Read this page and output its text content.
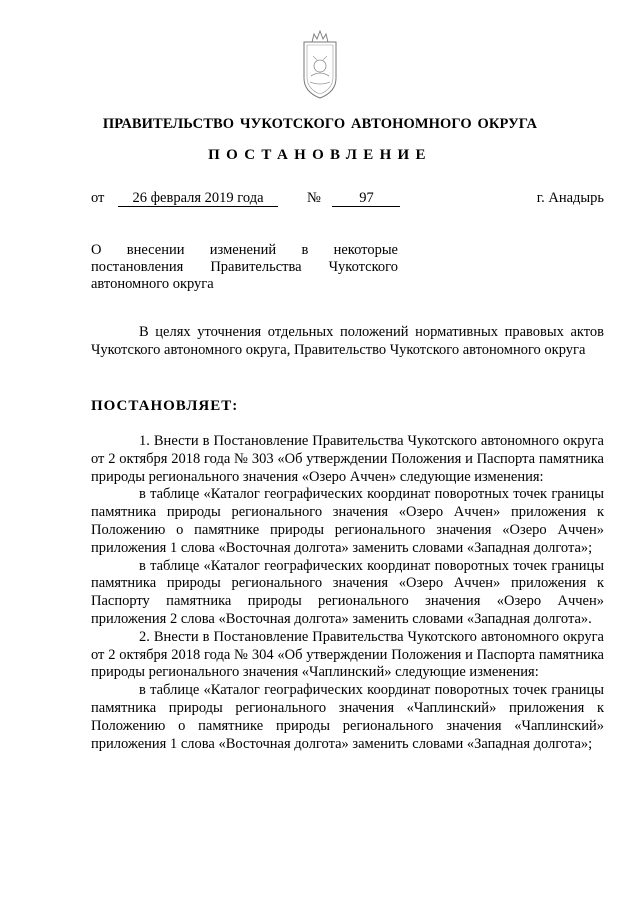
ПРАВИТЕЛЬСТВО ЧУКОТСКОГО АВТОНОМНОГО ОКРУГА
ПОСТАНОВЛЕНИЕ
от 26 февраля 2019 года	№	97	г. Анадырь
О внесении изменений в некоторые
постановления Правительства Чукотского
автономного округа

В целях уточнения отдельных положений нормативных правовых актов Чукотского автономного округа, Правительство Чукотского автономного округа

ПОСТАНОВЛЯЕТ:

1. Внести в Постановление Правительства Чукотского автономного округа от 2 октября 2018 года № 303 «Об утверждении Положения и Паспорта памятника природы регионального значения «Озеро Аччен» следующие изменения:

в таблице «Каталог географических координат поворотных точек границы памятника природы регионального значения «Озеро Аччен» приложения к Положению о памятнике природы регионального значения «Озеро Аччен» приложения 1 слова «Восточная долгота» заменить словами «Западная долгота»;

в таблице «Каталог географических координат поворотных точек границы памятника природы регионального значения «Озеро Аччен» приложения к Паспорту памятника природы регионального значения «Озеро Аччен» приложения 2 слова «Восточная долгота» заменить словами «Западная долгота».

2. Внести в Постановление Правительства Чукотского автономного округа от 2 октября 2018 года № 304 «Об утверждении Положения и Паспорта памятника природы регионального значения «Чаплинский» следующие изменения:

в таблице «Каталог географических координат поворотных точек границы памятника природы регионального значения «Чаплинский» приложения к Положению о памятнике природы регионального значения «Чаплинский» приложения 1 слова «Восточная долгота» заменить словами «Западная долгота»;
